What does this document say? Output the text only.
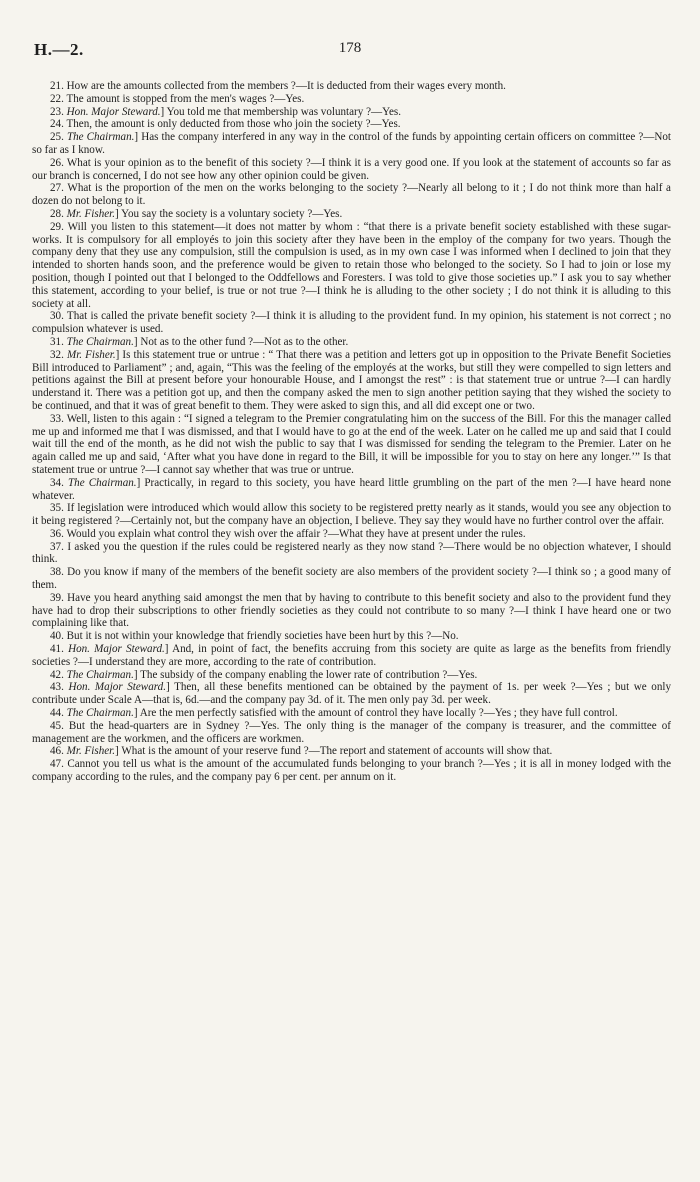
H.—2.	178

21. How are the amounts collected from the members ?—It is deducted from their wages every month.

22. The amount is stopped from the men's wages ?—Yes.

23. Hon. Major Steward.] You told me that membership was voluntary ?—Yes.

24. Then, the amount is only deducted from those who join the society ?—Yes.

25. The Chairman.] Has the company interfered in any way in the control of the funds by appointing certain officers on committee ?—Not so far as I know.

26. What is your opinion as to the benefit of this society ?—I think it is a very good one. If you look at the statement of accounts so far as our branch is concerned, I do not see how any other opinion could be given.

27. What is the proportion of the men on the works belonging to the society ?—Nearly all belong to it ; I do not think more than half a dozen do not belong to it.

28. Mr. Fisher.] You say the society is a voluntary society ?—Yes.

29. Will you listen to this statement—it does not matter by whom : “that there is a private benefit society established with these sugar-works. It is compulsory for all employés to join this society after they have been in the employ of the company for two years. Though the company deny that they use any compulsion, still the compulsion is used, as in my own case I was informed when I declined to join that they intended to shorten hands soon, and the preference would be given to retain those who belonged to the society. So I had to join or lose my position, though I pointed out that I belonged to the Oddfellows and Foresters. I was told to give those societies up.” I ask you to say whether this statement, according to your belief, is true or not true ?—I think he is alluding to the other society ; I do not think it is alluding to this society at all.

30. That is called the private benefit society ?—I think it is alluding to the provident fund. In my opinion, his statement is not correct ; no compulsion whatever is used.

31. The Chairman.] Not as to the other fund ?—Not as to the other.

32. Mr. Fisher.] Is this statement true or untrue : “ That there was a petition and letters got up in opposition to the Private Benefit Societies Bill introduced to Parliament” ; and, again, “This was the feeling of the employés at the works, but still they were compelled to sign letters and petitions against the Bill at present before your honourable House, and I amongst the rest” : is that statement true or untrue ?—I can hardly understand it. There was a petition got up, and then the company asked the men to sign another petition saying that they wished the society to be continued, and that it was of great benefit to them. They were asked to sign this, and all did except one or two.

33. Well, listen to this again : “I signed a telegram to the Premier congratulating him on the success of the Bill. For this the manager called me up and informed me that I was dismissed, and that I would have to go at the end of the week. Later on he called me up and said that I could wait till the end of the month, as he did not wish the public to say that I was dismissed for sending the telegram to the Premier. Later on he again called me up and said, ‘After what you have done in regard to the Bill, it will be impossible for you to stay on here any longer.’” Is that statement true or untrue ?—I cannot say whether that was true or untrue.

34. The Chairman.] Practically, in regard to this society, you have heard little grumbling on the part of the men ?—I have heard none whatever.

35. If legislation were introduced which would allow this society to be registered pretty nearly as it stands, would you see any objection to it being registered ?—Certainly not, but the company have an objection, I believe. They say they would have no further control over the affair.

36. Would you explain what control they wish over the affair ?—What they have at present under the rules.

37. I asked you the question if the rules could be registered nearly as they now stand ?—There would be no objection whatever, I should think.

38. Do you know if many of the members of the benefit society are also members of the provident society ?—I think so ; a good many of them.

39. Have you heard anything said amongst the men that by having to contribute to this benefit society and also to the provident fund they have had to drop their subscriptions to other friendly societies as they could not contribute to so many ?—I think I have heard one or two complaining like that.

40. But it is not within your knowledge that friendly societies have been hurt by this ?—No.

41. Hon. Major Steward.] And, in point of fact, the benefits accruing from this society are quite as large as the benefits from friendly societies ?—I understand they are more, according to the rate of contribution.

42. The Chairman.] The subsidy of the company enabling the lower rate of contribution ?—Yes.

43. Hon. Major Steward.] Then, all these benefits mentioned can be obtained by the payment of 1s. per week ?—Yes ; but we only contribute under Scale A—that is, 6d.—and the company pay 3d. of it. The men only pay 3d. per week.

44. The Chairman.] Are the men perfectly satisfied with the amount of control they have locally ?—Yes ; they have full control.

45. But the head-quarters are in Sydney ?—Yes. The only thing is the manager of the company is treasurer, and the committee of management are the workmen, and the officers are workmen.

46. Mr. Fisher.] What is the amount of your reserve fund ?—The report and statement of accounts will show that.

47. Cannot you tell us what is the amount of the accumulated funds belonging to your branch ?—Yes ; it is all in money lodged with the company according to the rules, and the company pay 6 per cent. per annum on it.
